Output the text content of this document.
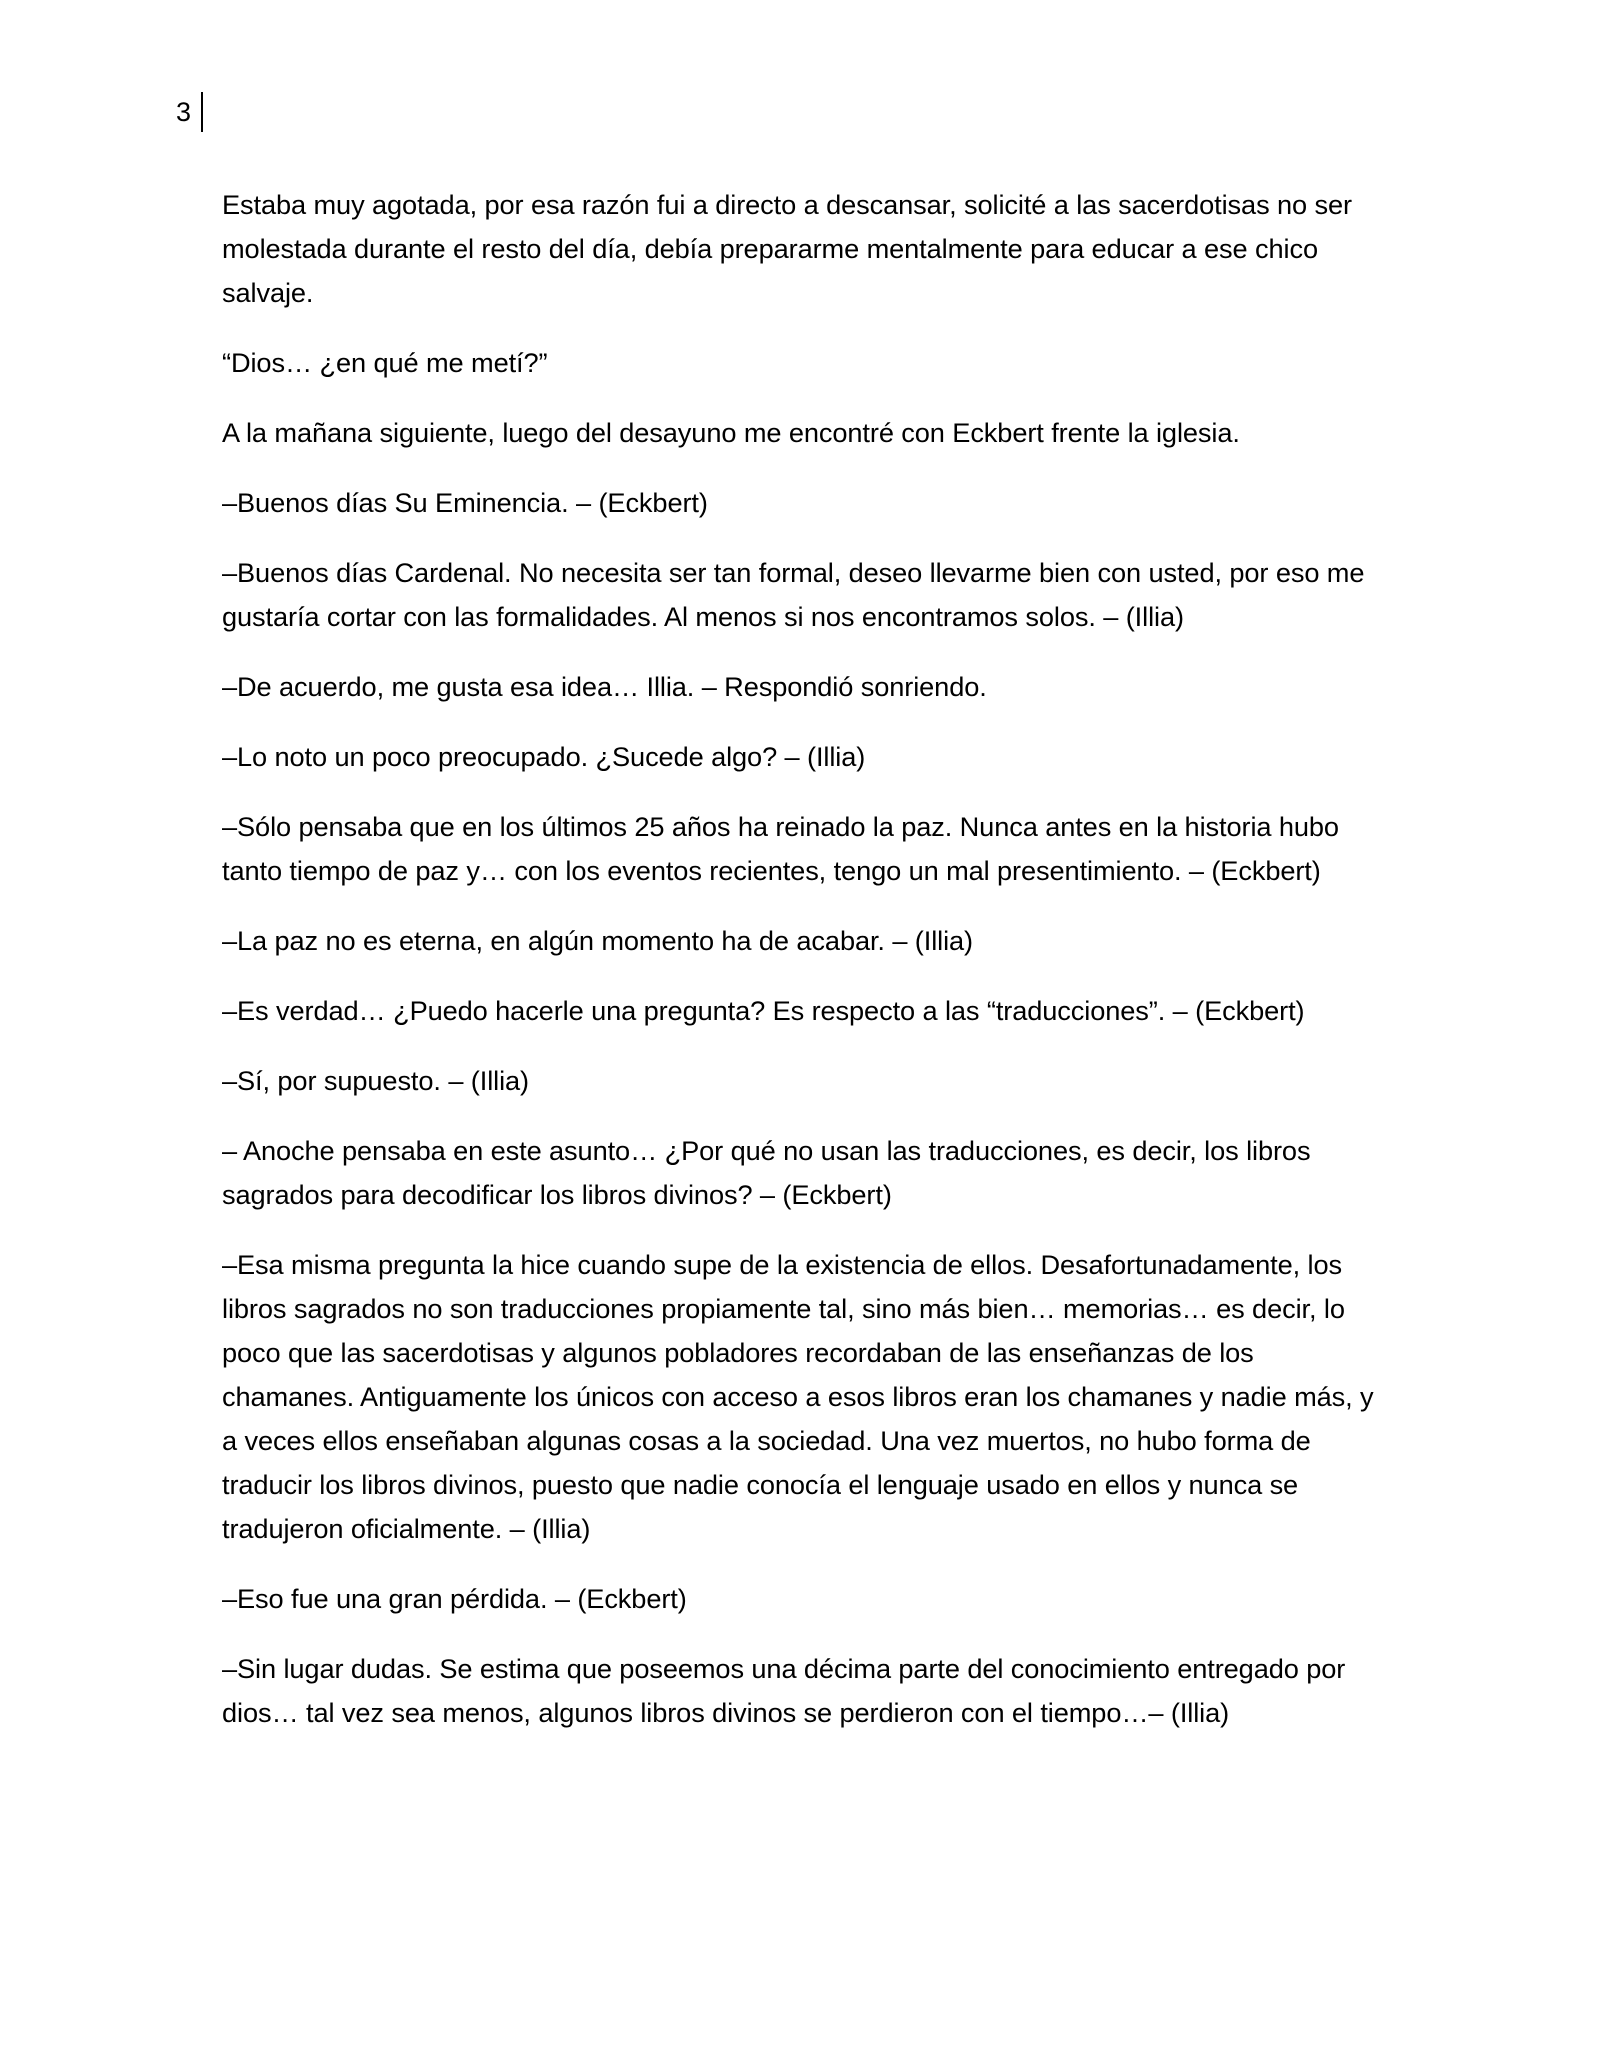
3

Estaba muy agotada, por esa razón fui a directo a descansar, solicité a las sacerdotisas no ser molestada durante el resto del día, debía prepararme mentalmente para educar a ese chico salvaje.

“Dios… ¿en qué me metí?”

A la mañana siguiente, luego del desayuno me encontré con Eckbert frente la iglesia.

–Buenos días Su Eminencia. – (Eckbert)

–Buenos días Cardenal. No necesita ser tan formal, deseo llevarme bien con usted, por eso me gustaría cortar con las formalidades. Al menos si nos encontramos solos. – (Illia)

–De acuerdo, me gusta esa idea… Illia. – Respondió sonriendo.

–Lo noto un poco preocupado. ¿Sucede algo? – (Illia)

–Sólo pensaba que en los últimos 25 años ha reinado la paz. Nunca antes en la historia hubo tanto tiempo de paz y… con los eventos recientes, tengo un mal presentimiento. – (Eckbert)

–La paz no es eterna, en algún momento ha de acabar. – (Illia)

–Es verdad… ¿Puedo hacerle una pregunta? Es respecto a las “traducciones”. – (Eckbert)

–Sí, por supuesto. – (Illia)

– Anoche pensaba en este asunto… ¿Por qué no usan las traducciones, es decir, los libros sagrados para decodificar los libros divinos? – (Eckbert)

–Esa misma pregunta la hice cuando supe de la existencia de ellos. Desafortunadamente, los libros sagrados no son traducciones propiamente tal, sino más bien… memorias… es decir, lo poco que las sacerdotisas y algunos pobladores recordaban de las enseñanzas de los chamanes. Antiguamente los únicos con acceso a esos libros eran los chamanes y nadie más, y a veces ellos enseñaban algunas cosas a la sociedad. Una vez muertos, no hubo forma de traducir los libros divinos, puesto que nadie conocía el lenguaje usado en ellos y nunca se tradujeron oficialmente. – (Illia)

–Eso fue una gran pérdida. – (Eckbert)

–Sin lugar dudas. Se estima que poseemos una décima parte del conocimiento entregado por dios… tal vez sea menos, algunos libros divinos se perdieron con el tiempo…– (Illia)
